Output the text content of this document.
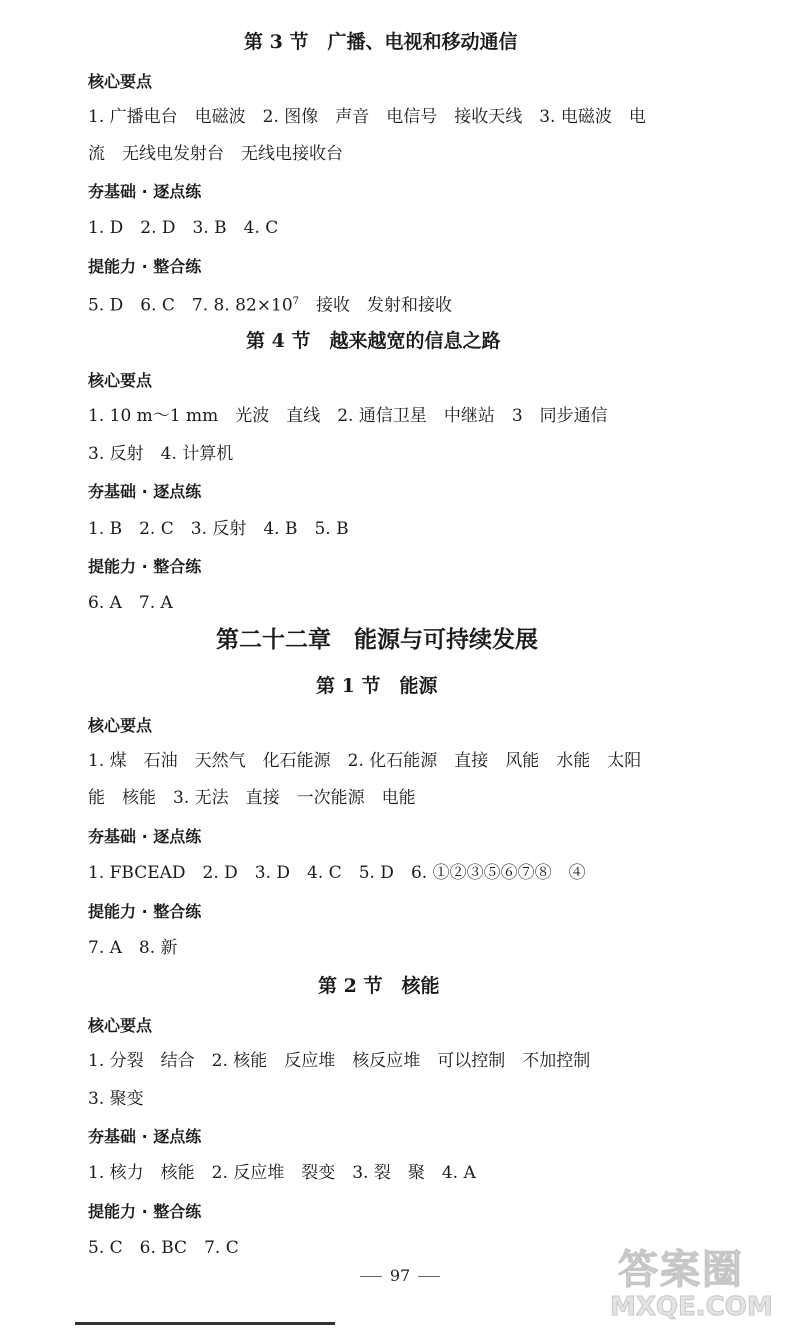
第 3 节　广播、电视和移动通信
核心要点
1. 广播电台　电磁波　2. 图像　声音　电信号　接收天线　3. 电磁波　电
流　无线电发射台　无线电接收台
夯基础 · 逐点练
1. D　2. D　3. B　4. C
提能力 · 整合练
5. D　6. C　7. 8. $82\times 10^7$　接收　发射和接收
第 4 节　越来越宽的信息之路
核心要点
1. 10 m～1 mm　光波　直线　2. 通信卫星　中继站　3　同步通信
3. 反射　4. 计算机
夯基础 · 逐点练
1. B　2. C　3. 反射　4. B　5. B
提能力 · 整合练
6. A　7. A
第二十二章　能源与可持续发展
第 1 节　能源
核心要点
1. 煤　石油　天然气　化石能源　2. 化石能源　直接　风能　水能　太阳
能　核能　3. 无法　直接　一次能源　电能
夯基础 · 逐点练
1. FBCEAD　2. D　3. D　4. C　5. D　6. ①②③⑤⑥⑦⑧　④
提能力 · 整合练
7. A　8. 新
第 2 节　核能
核心要点
1. 分裂　结合　2. 核能　反应堆　核反应堆　可以控制　不加控制
3. 聚变
夯基础 · 逐点练
1. 核力　核能　2. 反应堆　裂变　3. 裂　聚　4. A
提能力 · 整合练
5. C　6. BC　7. C
97	答案圈
MXQE.COM
